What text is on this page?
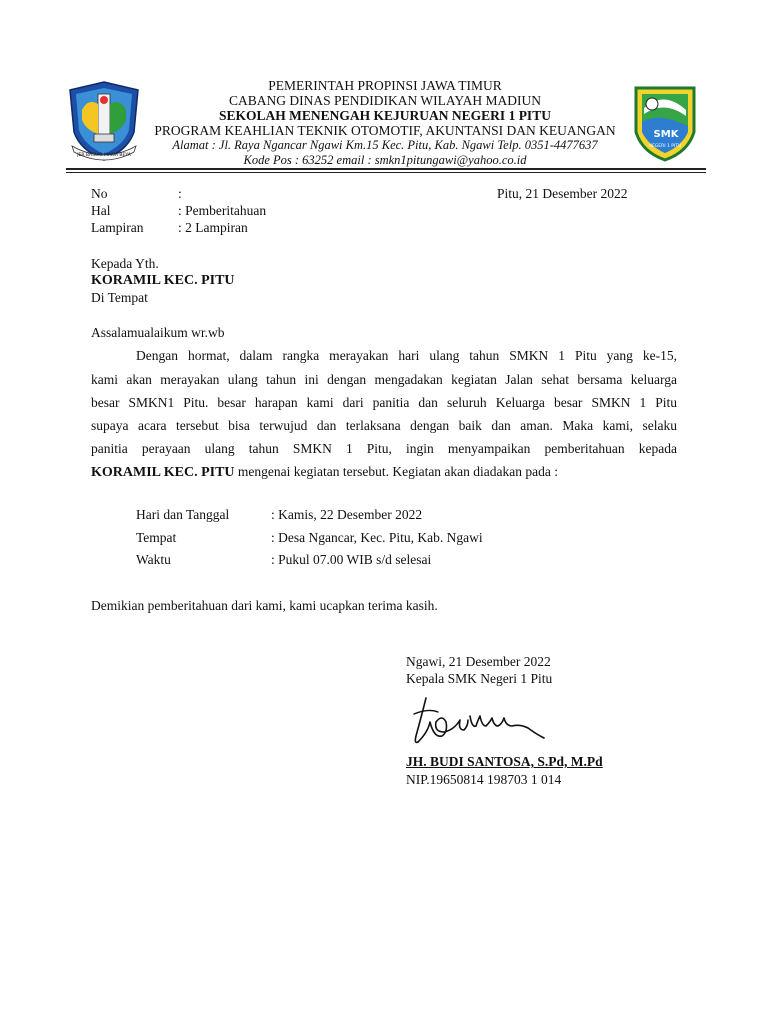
JER BASUKI MAWA BEYA
SMK
NEGERI 1 PITU
PEMERINTAH PROPINSI JAWA TIMUR
CABANG DINAS PENDIDIKAN WILAYAH MADIUN
SEKOLAH MENENGAH KEJURUAN NEGERI 1 PITU
PROGRAM KEAHLIAN TEKNIK OTOMOTIF, AKUNTANSI DAN KEUANGAN
Alamat : Jl. Raya Ngancar Ngawi Km.15 Kec. Pitu, Kab. Ngawi Telp. 0351-4477637
Kode Pos : 63252 email : smkn1pitungawi@yahoo.co.id
No	:	Pitu, 21 Desember 2022
Hal	: Pemberitahuan
Lampiran	: 2 Lampiran
Kepada Yth.
KORAMIL KEC. PITU
Di Tempat
Assalamualaikum wr.wb
Dengan hormat, dalam rangka merayakan hari ulang tahun SMKN 1 Pitu yang ke-15,
kami akan merayakan ulang tahun ini dengan mengadakan kegiatan Jalan sehat bersama keluarga
besar SMKN1 Pitu. besar harapan kami dari panitia dan seluruh Keluarga besar SMKN 1 Pitu
supaya acara tersebut bisa terwujud dan terlaksana dengan baik dan aman. Maka kami, selaku
panitia perayaan ulang tahun SMKN 1 Pitu, ingin menyampaikan pemberitahuan kepada
KORAMIL KEC. PITU mengenai kegiatan tersebut. Kegiatan akan diadakan pada :
Hari dan Tanggal	: Kamis, 22 Desember 2022
Tempat	: Desa Ngancar, Kec. Pitu, Kab. Ngawi
Waktu	: Pukul 07.00 WIB s/d selesai
Demikian pemberitahuan dari kami, kami ucapkan terima kasih.
Ngawi, 21 Desember 2022
Kepala SMK Negeri 1 Pitu
JH. BUDI SANTOSA, S.Pd, M.Pd
NIP.19650814 198703 1 014
